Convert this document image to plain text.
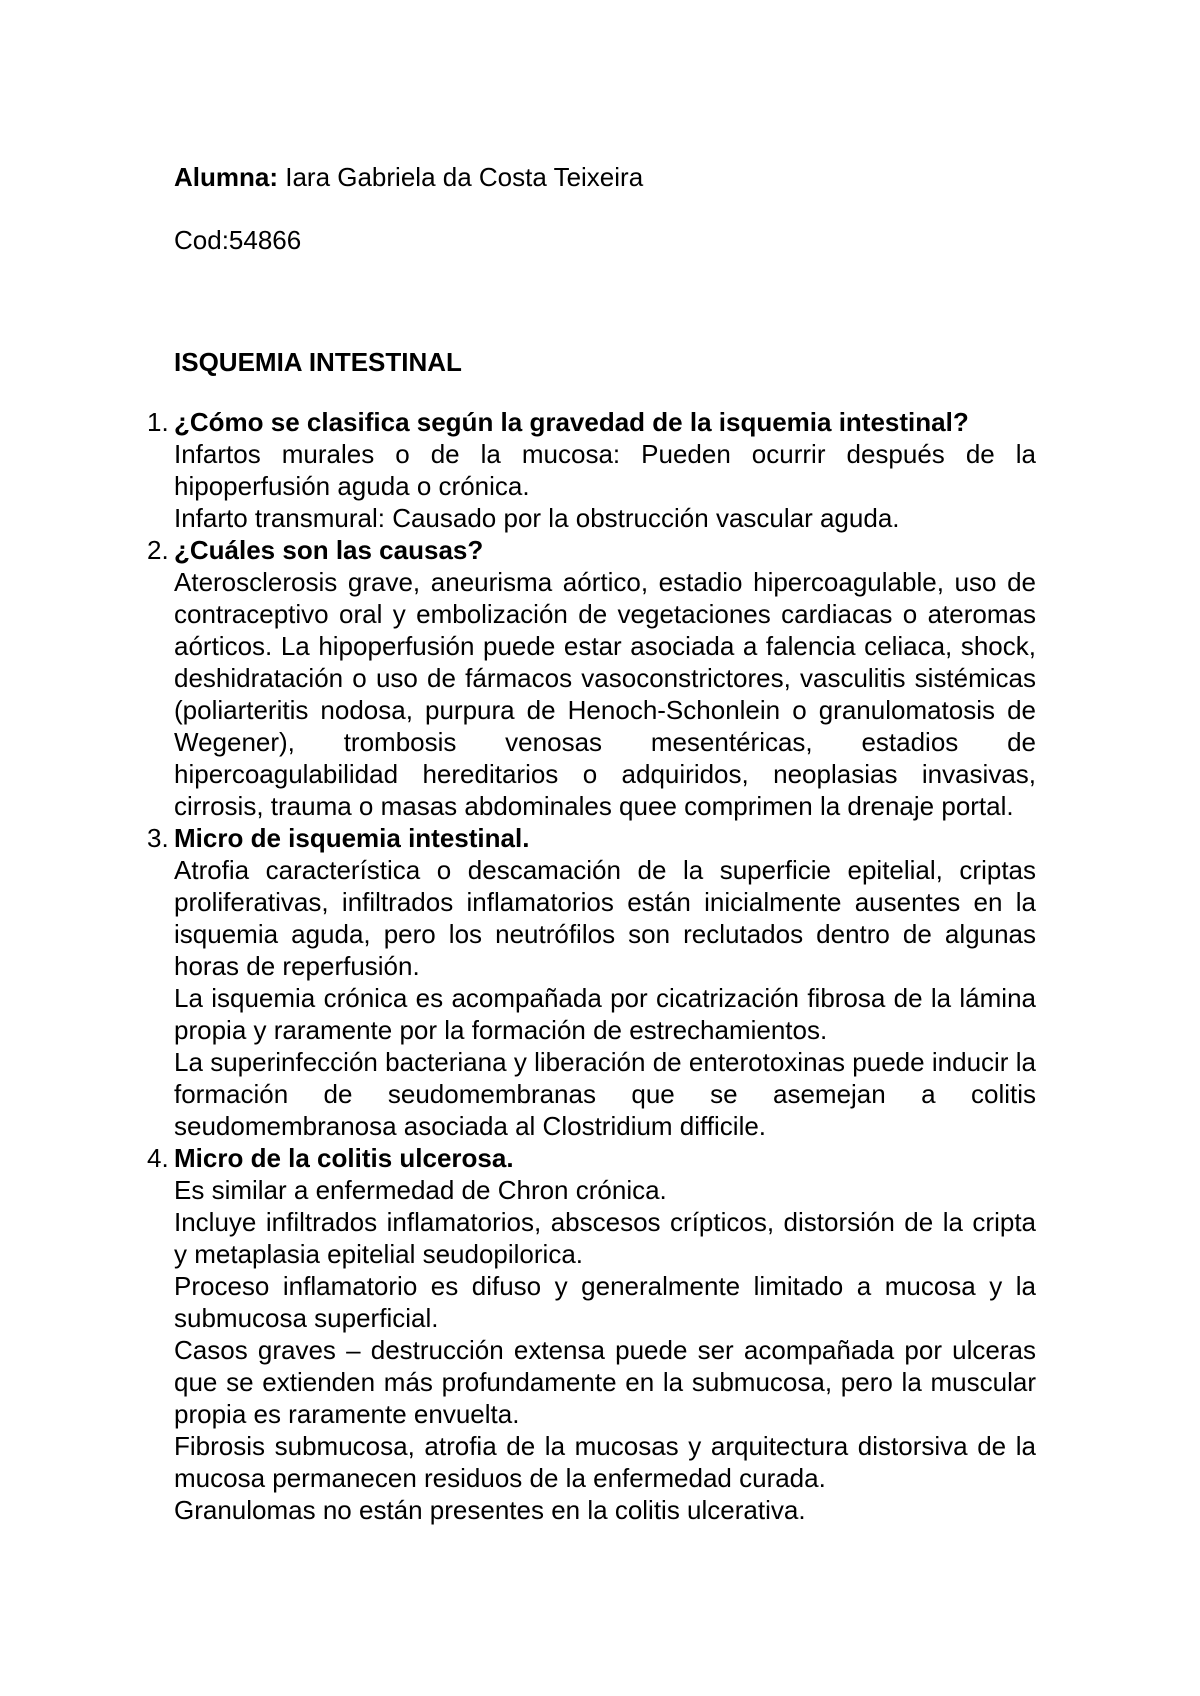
Alumna: Iara Gabriela da Costa Teixeira
Cod:54866
ISQUEMIA INTESTINAL
1. ¿Cómo se clasifica según la gravedad de la isquemia intestinal?

Infartos murales o de la mucosa: Pueden ocurrir después de la hipoperfusión aguda o crónica.

Infarto transmural: Causado por la obstrucción vascular aguda.

2. ¿Cuáles son las causas?

Aterosclerosis grave, aneurisma aórtico, estadio hipercoagulable, uso de contraceptivo oral y embolización de vegetaciones cardiacas o ateromas aórticos. La hipoperfusión puede estar asociada a falencia celiaca, shock, deshidratación o uso de fármacos vasoconstrictores, vasculitis sistémicas (poliarteritis nodosa, purpura de Henoch-Schonlein o granulomatosis de Wegener), trombosis venosas mesentéricas, estadios de hipercoagulabilidad hereditarios o adquiridos, neoplasias invasivas, cirrosis, trauma o masas abdominales quee comprimen la drenaje portal.

3. Micro de isquemia intestinal.

Atrofia característica o descamación de la superficie epitelial, criptas proliferativas, infiltrados inflamatorios están inicialmente ausentes en la isquemia aguda, pero los neutrófilos son reclutados dentro de algunas horas de reperfusión.

La isquemia crónica es acompañada por cicatrización fibrosa de la lámina propia y raramente por la formación de estrechamientos.

La superinfección bacteriana y liberación de enterotoxinas puede inducir la formación de seudomembranas que se asemejan a colitis seudomembranosa asociada al Clostridium difficile.

4. Micro de la colitis ulcerosa.

Es similar a enfermedad de Chron crónica.

Incluye infiltrados inflamatorios, abscesos crípticos, distorsión de la cripta y metaplasia epitelial seudopilorica.

Proceso inflamatorio es difuso y generalmente limitado a mucosa y la submucosa superficial.

Casos graves – destrucción extensa puede ser acompañada por ulceras que se extienden más profundamente en la submucosa, pero la muscular propia es raramente envuelta.

Fibrosis submucosa, atrofia de la mucosas y arquitectura distorsiva de la mucosa permanecen residuos de la enfermedad curada.

Granulomas no están presentes en la colitis ulcerativa.
